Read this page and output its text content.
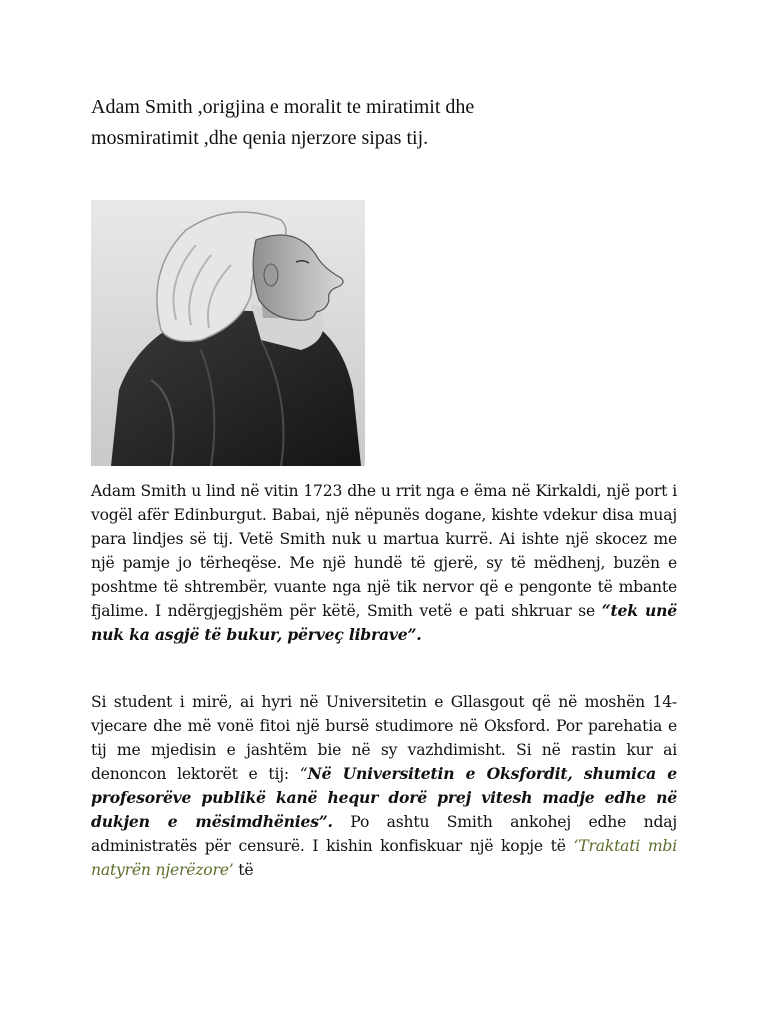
Adam Smith ,origjina e moralit te miratimit dhe
mosmiratimit ,dhe qenia njerzore sipas tij.

Adam Smith u lind në vitin 1723 dhe u rrit nga e ëma në Kirkaldi, një port i vogël afër Edinburgut. Babai, një nëpunës dogane, kishte vdekur disa muaj para lindjes së tij. Vetë Smith nuk u martua kurrë. Ai ishte një skocez me një pamje jo tërheqëse. Me një hundë të gjerë, sy të mëdhenj, buzën e poshtme të shtrembër, vuante nga një tik nervor që e pengonte të mbante fjalime. I ndërgjegjshëm për këtë, Smith vetë e pati shkruar se “tek unë nuk ka asgjë të bukur, përveç librave”.

Si student i mirë, ai hyri në Universitetin e Gllasgout që në moshën 14-vjecare dhe më vonë fitoi një bursë studimore në Oksford. Por parehatia e tij me mjedisin e jashtëm bie në sy vazhdimisht. Si në rastin kur ai denoncon lektorët e tij: “Në Universitetin e Oksfordit, shumica e profesorëve publikë kanë hequr dorë prej vitesh madje edhe në dukjen e mësimdhënies”. Po ashtu Smith ankohej edhe ndaj administratës për censurë. I kishin konfiskuar një kopje të ‘Traktati mbi natyrën njerëzore’ të
